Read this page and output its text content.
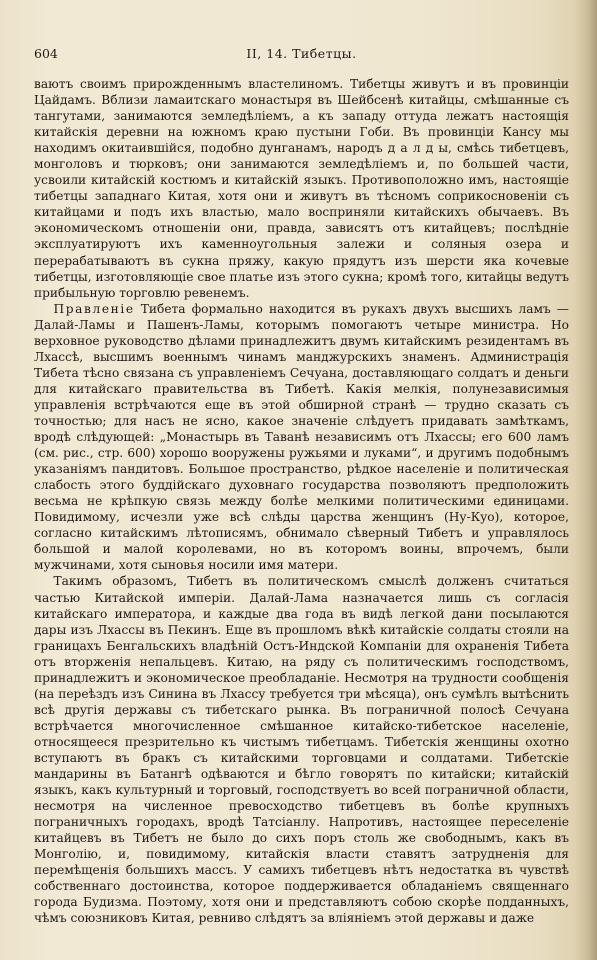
604	II, 14. Тибетцы.

ваютъ своимъ прирожденнымъ властелиномъ. Тибетцы живутъ и въ провинціи Цайдамъ. Вблизи ламаитскаго монастыря въ Шейбсенѣ китайцы, смѣшанные съ тангутами, занимаются земледѣліемъ, а къ западу оттуда лежатъ настоящія китайскія деревни на южномъ краю пустыни Гоби. Въ провинціи Кансу мы находимъ окитаившійся, подобно дунганамъ, народъ д а л д ы, смѣсь тибетцевъ, монголовъ и тюрковъ; они занимаются земледѣліемъ и, по большей части, усвоили китайскій костюмъ и китайскій языкъ. Противоположно имъ, настоящіе тибетцы западнаго Китая, хотя они и живутъ въ тѣсномъ соприкосновеніи съ китайцами и подъ ихъ властью, мало восприняли китайскихъ обычаевъ. Въ экономическомъ отношеніи они, правда, зависятъ отъ китайцевъ; послѣдніе эксплуатируютъ ихъ каменноугольныя залежи и соляныя озера и перерабатываютъ въ сукна пряжу, какую прядутъ изъ шерсти яка кочевые тибетцы, изготовляющіе свое платье изъ этого сукна; кромѣ того, китайцы ведутъ прибыльную торговлю ревенемъ.

Правленіе Тибета формально находится въ рукахъ двухъ высшихъ ламъ — Далай-Ламы и Пашенъ-Ламы, которымъ помогаютъ четыре министра. Но верховное руководство дѣлами принадлежитъ двумъ китайскимъ резидентамъ въ Лхассѣ, высшимъ военнымъ чинамъ манджурскихъ знаменъ. Администрація Тибета тѣсно связана съ управленіемъ Сечуана, доставляющаго солдатъ и деньги для китайскаго правительства въ Тибетѣ. Какія мелкія, полунезависимыя управленія встрѣчаются еще въ этой обширной странѣ — трудно сказать съ точностью; для насъ не ясно, какое значеніе слѣдуетъ придавать замѣткамъ, вродѣ слѣдующей: „Монастырь въ Таванѣ независимъ отъ Лхассы; его 600 ламъ (см. рис., стр. 600) хорошо вооружены ружьями и луками“, и другимъ подобнымъ указаніямъ пандитовъ. Большое пространство, рѣдкое населеніе и политическая слабость этого буддійскаго духовнаго государства позволяютъ предположить весьма не крѣпкую связь между болѣе мелкими политическими единицами. Повидимому, исчезли уже всѣ слѣды царства женщинъ (Ну-Куо), которое, согласно китайскимъ лѣтописямъ, обнимало сѣверный Тибетъ и управлялось большой и малой королевами, но въ которомъ воины, впрочемъ, были мужчинами, хотя сыновья носили имя матери.

Такимъ образомъ, Тибетъ въ политическомъ смыслѣ долженъ считаться частью Китайской имперіи. Далай-Лама назначается лишь съ согласія китайскаго императора, и каждые два года въ видѣ легкой дани посылаются дары изъ Лхассы въ Пекинъ. Еще въ прошломъ вѣкѣ китайскіе солдаты стояли на границахъ Бенгальскихъ владѣній Остъ-Индской Компаніи для охраненія Тибета отъ вторженія непальцевъ. Китаю, на ряду съ политическимъ господствомъ, принадлежитъ и экономическое преобладаніе. Несмотря на трудности сообщенія (на переѣздъ изъ Синина въ Лхассу требуется три мѣсяца), онъ сумѣлъ вытѣснить всѣ другія державы съ тибетскаго рынка. Въ пограничной полосѣ Сечуана встрѣчается многочисленное смѣшанное китайско-тибетское населеніе, относящееся презрительно къ чистымъ тибетцамъ. Тибетскія женщины охотно вступаютъ въ бракъ съ китайскими торговцами и солдатами. Тибетскіе мандарины въ Батангѣ одѣваются и бѣгло говорятъ по китайски; китайскій языкъ, какъ культурный и торговый, господствуетъ во всей пограничной области, несмотря на численное превосходство тибетцевъ въ болѣе крупныхъ пограничныхъ городахъ, вродѣ Татсіанлу. Напротивъ, настоящее переселеніе китайцевъ въ Тибетъ не было до сихъ поръ столь же свободнымъ, какъ въ Монголію, и, повидимому, китайскія власти ставятъ затрудненія для перемѣщенія большихъ массъ. У самихъ тибетцевъ нѣтъ недостатка въ чувствѣ собственнаго достоинства, которое поддерживается обладаніемъ священнаго города Будизма. Поэтому, хотя они и представляютъ собою скорѣе подданныхъ, чѣмъ союзниковъ Китая, ревниво слѣдятъ за вліяніемъ этой державы и даже
